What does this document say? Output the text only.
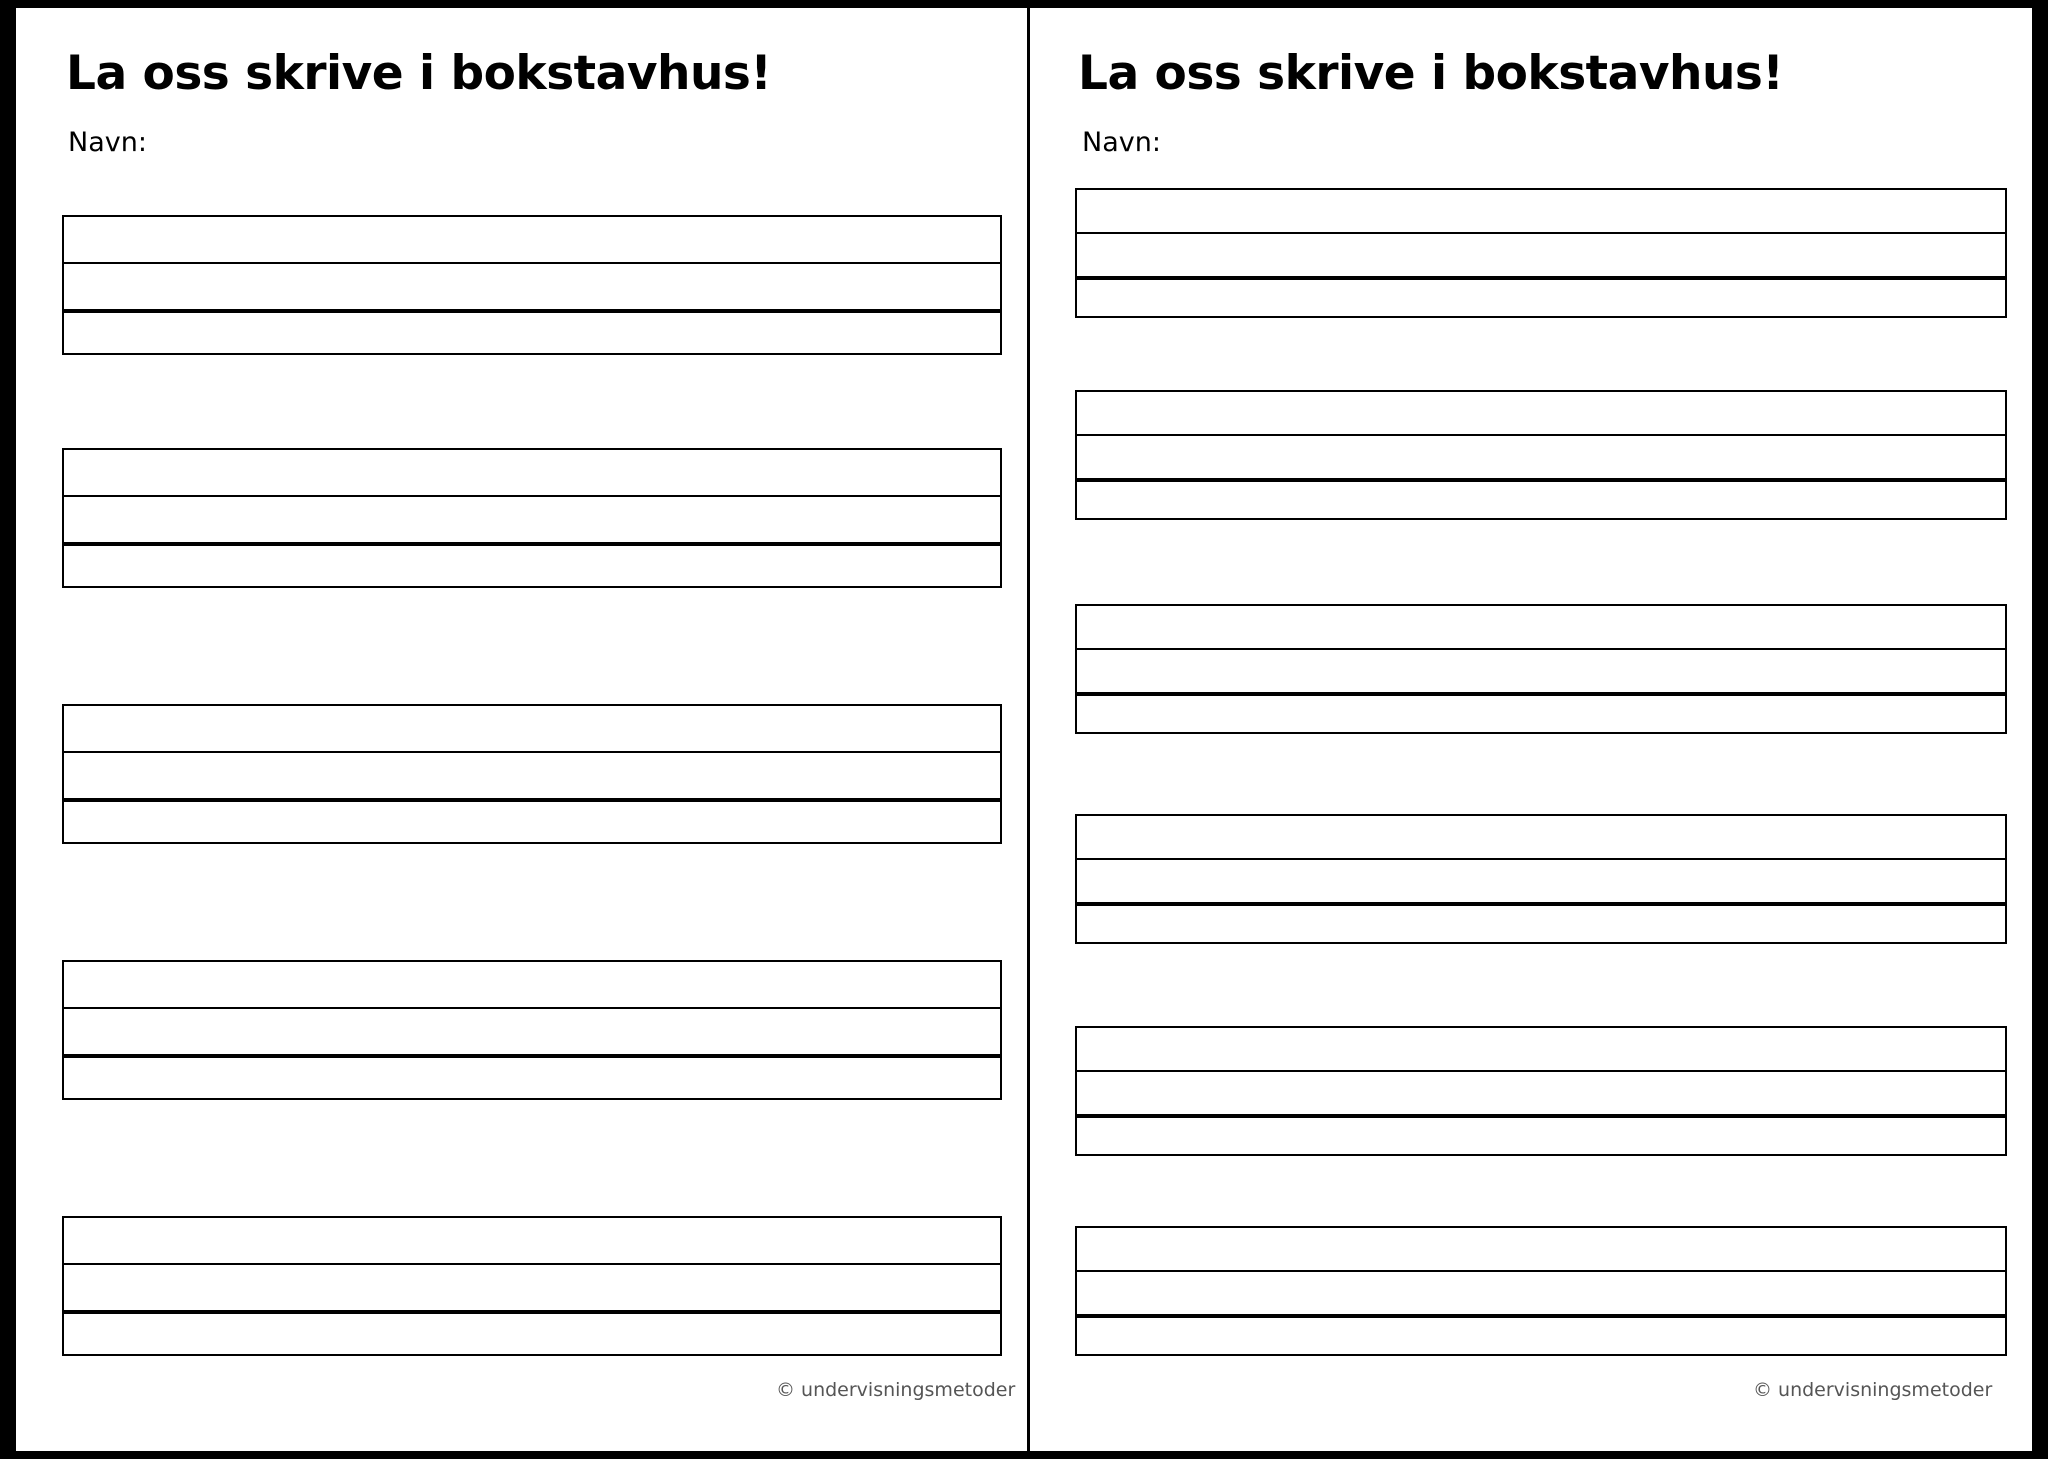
La oss skrive i bokstavhus!
Navn:
La oss skrive i bokstavhus!
Navn:
© undervisningsmetoder	© undervisningsmetoder
